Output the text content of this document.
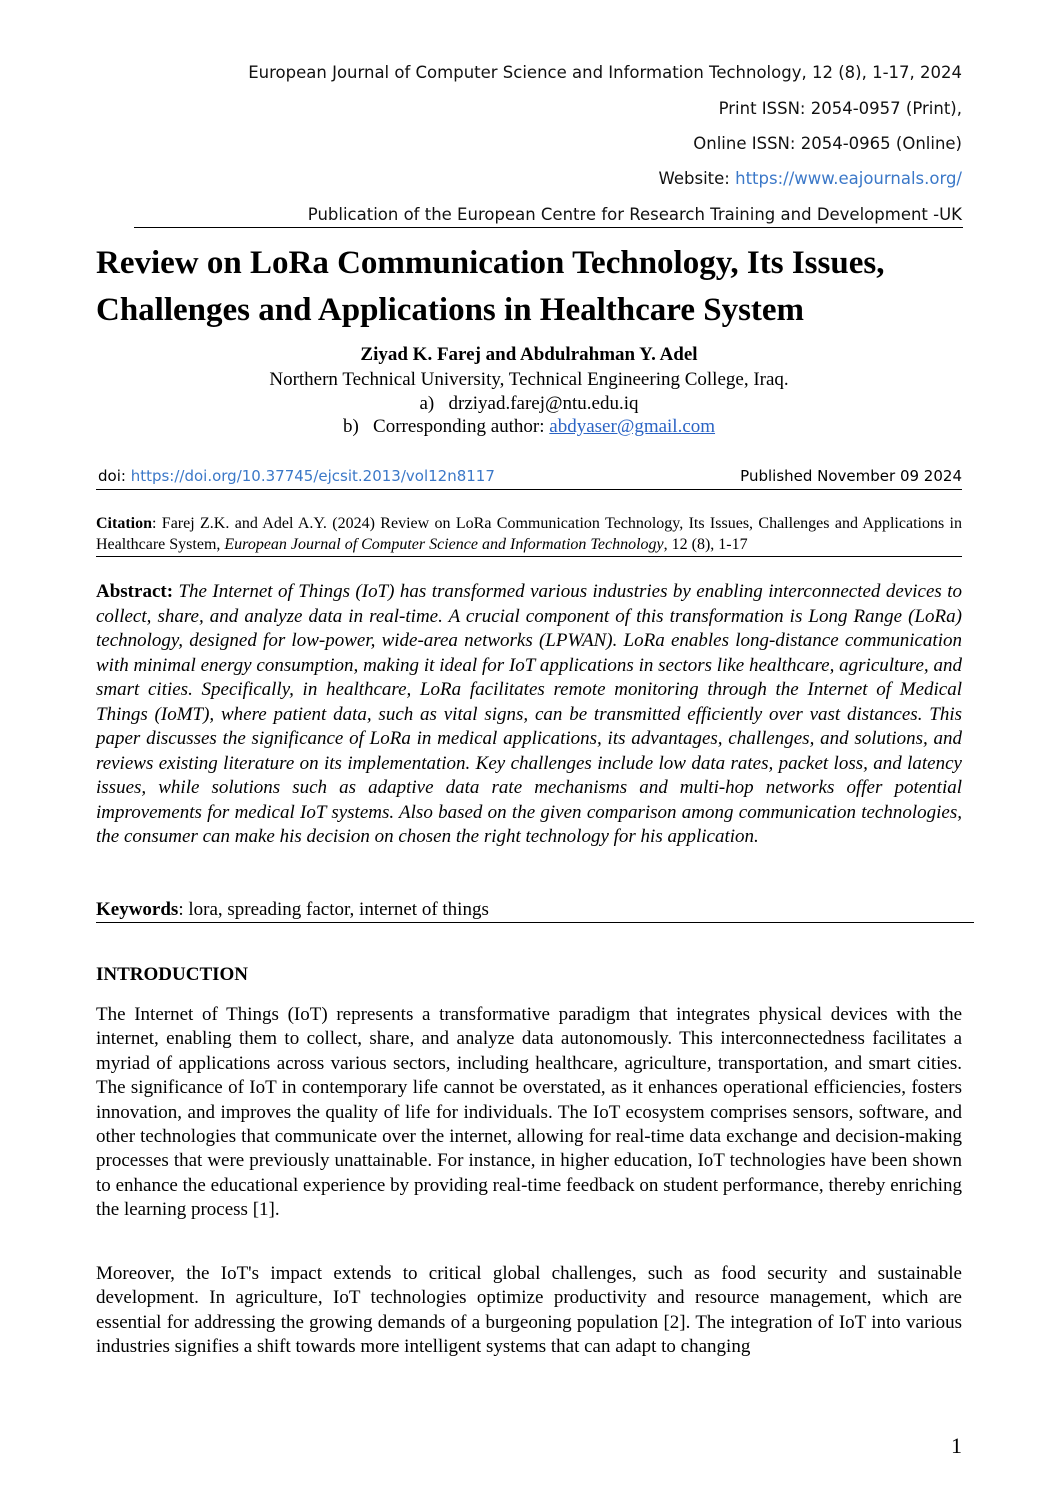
European Journal of Computer Science and Information Technology, 12 (8), 1-17, 2024
Print ISSN: 2054-0957 (Print),
Online ISSN: 2054-0965 (Online)
Website: https://www.eajournals.org/
Publication of the European Centre for Research Training and Development -UK
Review on LoRa Communication Technology, Its Issues, Challenges and Applications in Healthcare System
Ziyad K. Farej and Abdulrahman Y. Adel
Northern Technical University, Technical Engineering College, Iraq.
a) drziyad.farej@ntu.edu.iq
b) Corresponding author: abdyaser@gmail.com
doi: https://doi.org/10.37745/ejcsit.2013/vol12n8117	Published November 09 2024
Citation: Farej Z.K. and Adel A.Y. (2024) Review on LoRa Communication Technology, Its Issues, Challenges and Applications in Healthcare System, European Journal of Computer Science and Information Technology, 12 (8), 1-17
Abstract: The Internet of Things (IoT) has transformed various industries by enabling interconnected devices to collect, share, and analyze data in real-time. A crucial component of this transformation is Long Range (LoRa) technology, designed for low-power, wide-area networks (LPWAN). LoRa enables long-distance communication with minimal energy consumption, making it ideal for IoT applications in sectors like healthcare, agriculture, and smart cities. Specifically, in healthcare, LoRa facilitates remote monitoring through the Internet of Medical Things (IoMT), where patient data, such as vital signs, can be transmitted efficiently over vast distances. This paper discusses the significance of LoRa in medical applications, its advantages, challenges, and solutions, and reviews existing literature on its implementation. Key challenges include low data rates, packet loss, and latency issues, while solutions such as adaptive data rate mechanisms and multi-hop networks offer potential improvements for medical IoT systems. Also based on the given comparison among communication technologies, the consumer can make his decision on chosen the right technology for his application.
Keywords: lora, spreading factor, internet of things
INTRODUCTION
The Internet of Things (IoT) represents a transformative paradigm that integrates physical devices with the internet, enabling them to collect, share, and analyze data autonomously. This interconnectedness facilitates a myriad of applications across various sectors, including healthcare, agriculture, transportation, and smart cities. The significance of IoT in contemporary life cannot be overstated, as it enhances operational efficiencies, fosters innovation, and improves the quality of life for individuals. The IoT ecosystem comprises sensors, software, and other technologies that communicate over the internet, allowing for real-time data exchange and decision-making processes that were previously unattainable. For instance, in higher education, IoT technologies have been shown to enhance the educational experience by providing real-time feedback on student performance, thereby enriching the learning process [1].
Moreover, the IoT's impact extends to critical global challenges, such as food security and sustainable development. In agriculture, IoT technologies optimize productivity and resource management, which are essential for addressing the growing demands of a burgeoning population [2]. The integration of IoT into various industries signifies a shift towards more intelligent systems that can adapt to changing
1
